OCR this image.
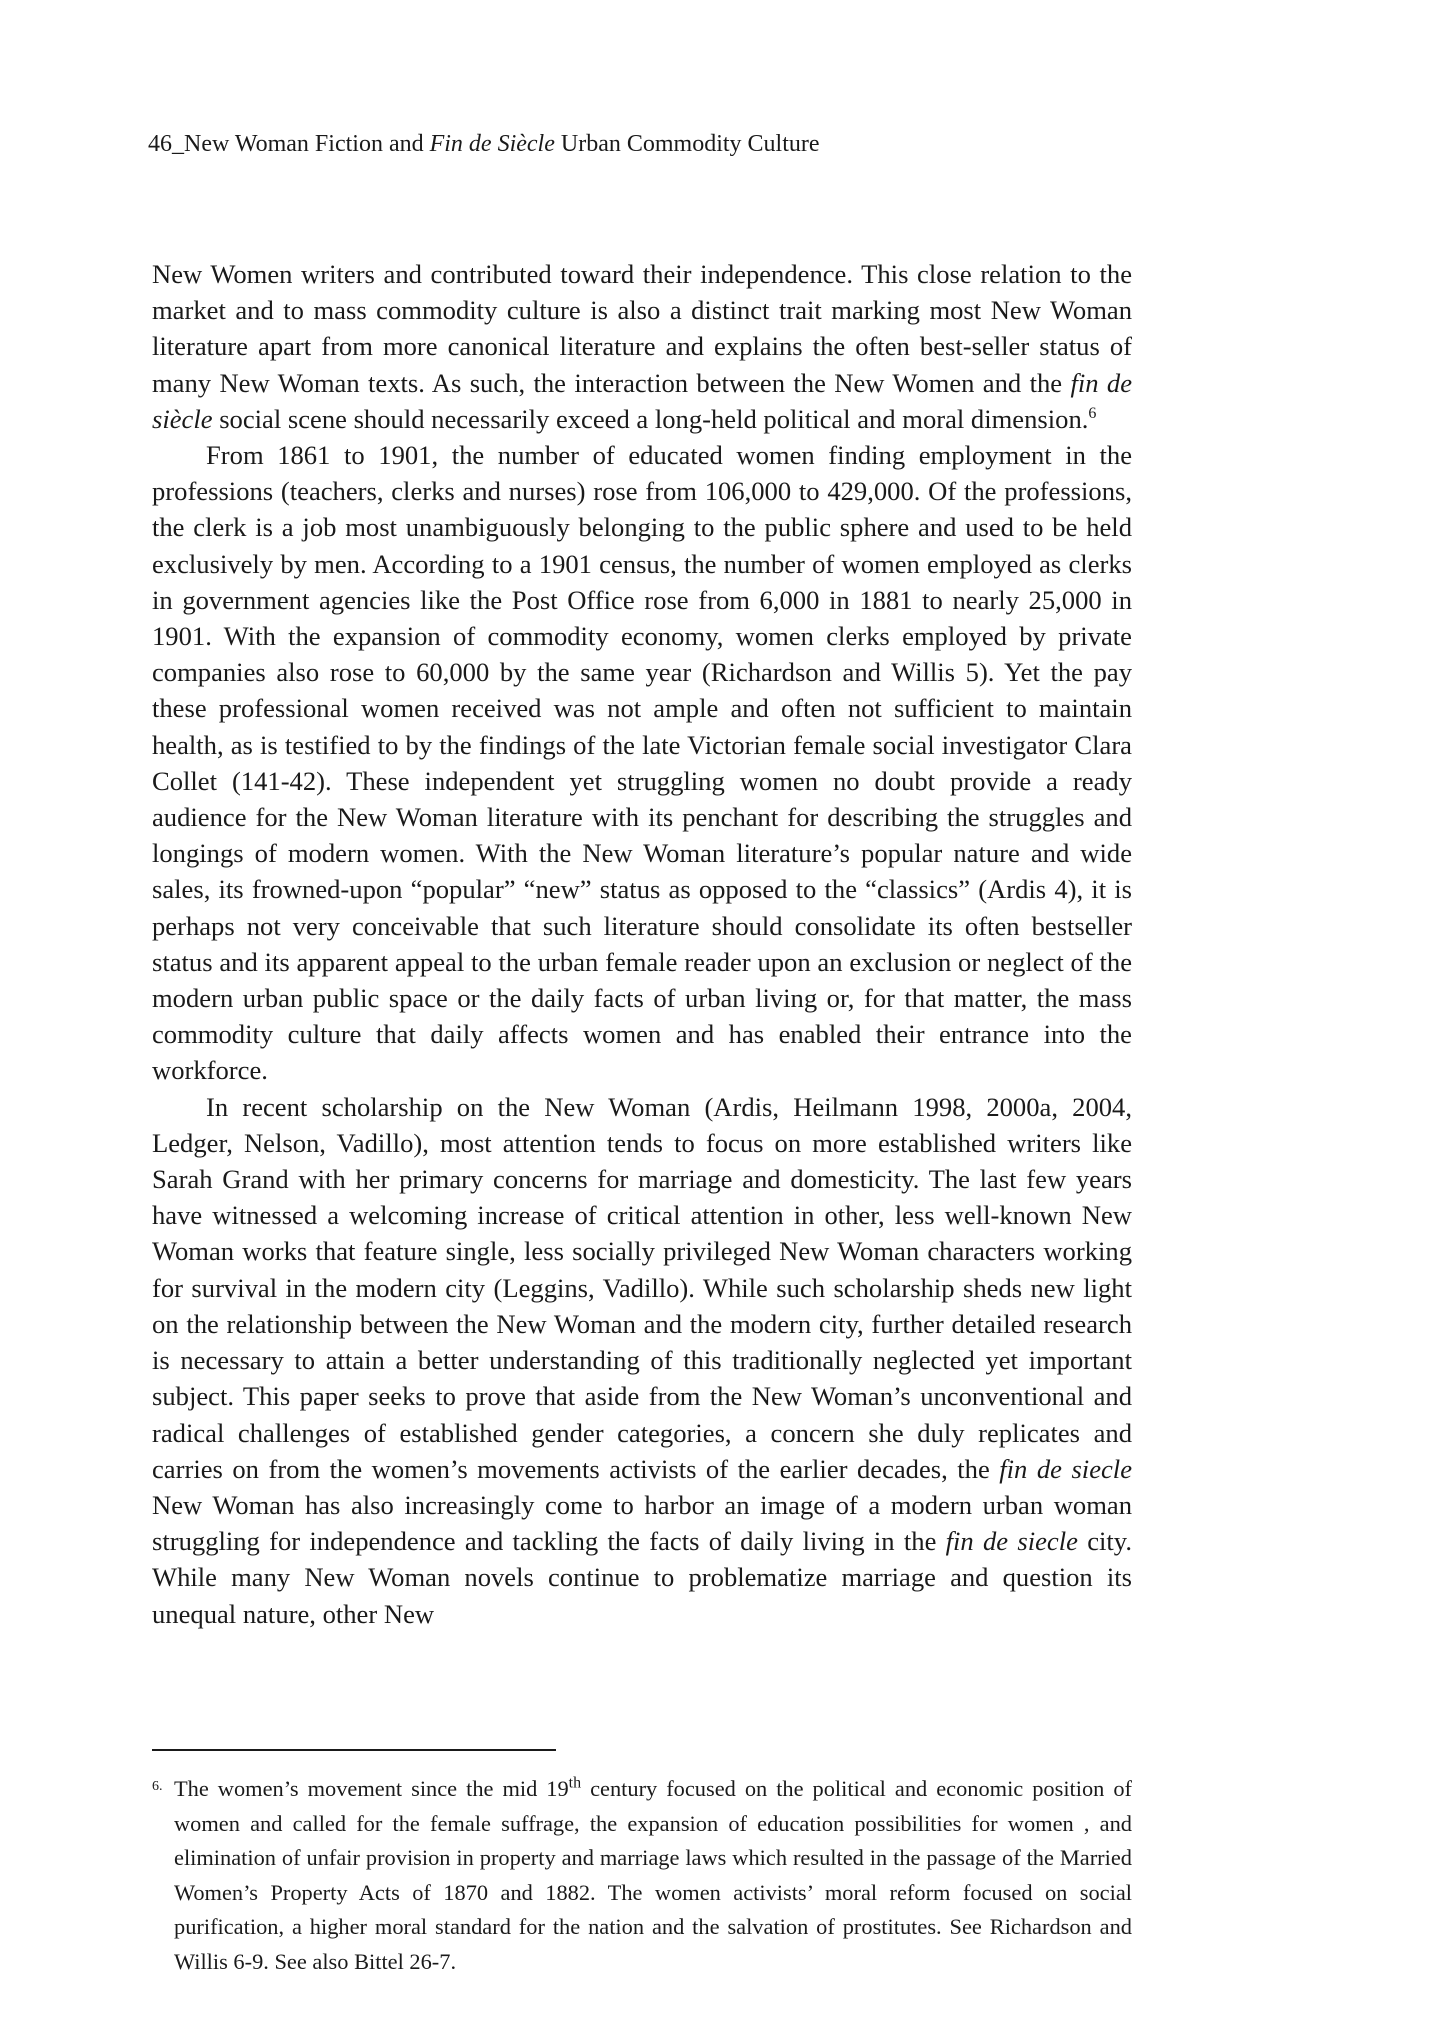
46_New Woman Fiction and Fin de Siècle Urban Commodity Culture

New Women writers and contributed toward their independence. This close relation to the market and to mass commodity culture is also a distinct trait marking most New Woman literature apart from more canonical literature and explains the often best-seller status of many New Woman texts. As such, the interaction between the New Women and the fin de siècle social scene should necessarily exceed a long-held political and moral dimension.$^6$

From 1861 to 1901, the number of educated women finding employment in the professions (teachers, clerks and nurses) rose from 106,000 to 429,000. Of the professions, the clerk is a job most unambiguously belonging to the public sphere and used to be held exclusively by men. According to a 1901 census, the number of women employed as clerks in government agencies like the Post Office rose from 6,000 in 1881 to nearly 25,000 in 1901. With the expansion of commodity economy, women clerks employed by private companies also rose to 60,000 by the same year (Richardson and Willis 5). Yet the pay these professional women received was not ample and often not sufficient to maintain health, as is testified to by the findings of the late Victorian female social investigator Clara Collet (141-42). These independent yet struggling women no doubt provide a ready audience for the New Woman literature with its penchant for describing the struggles and longings of modern women. With the New Woman literature’s popular nature and wide sales, its frowned-upon “popular” “new” status as opposed to the “classics” (Ardis 4), it is perhaps not very conceivable that such literature should consolidate its often bestseller status and its apparent appeal to the urban female reader upon an exclusion or neglect of the modern urban public space or the daily facts of urban living or, for that matter, the mass commodity culture that daily affects women and has enabled their entrance into the workforce.

In recent scholarship on the New Woman (Ardis, Heilmann 1998, 2000a, 2004, Ledger, Nelson, Vadillo), most attention tends to focus on more established writers like Sarah Grand with her primary concerns for marriage and domesticity. The last few years have witnessed a welcoming increase of critical attention in other, less well-known New Woman works that feature single, less socially privileged New Woman characters working for survival in the modern city (Leggins, Vadillo). While such scholarship sheds new light on the relationship between the New Woman and the modern city, further detailed research is necessary to attain a better understanding of this traditionally neglected yet important subject. This paper seeks to prove that aside from the New Woman’s unconventional and radical challenges of established gender categories, a concern she duly replicates and carries on from the women’s movements activists of the earlier decades, the fin de siecle New Woman has also increasingly come to harbor an image of a modern urban woman struggling for independence and tackling the facts of daily living in the fin de siecle city. While many New Woman novels continue to problematize marriage and question its unequal nature, other New

6. The women’s movement since the mid 19th century focused on the political and economic position of women and called for the female suffrage, the expansion of education possibilities for women , and elimination of unfair provision in property and marriage laws which resulted in the passage of the Married Women’s Property Acts of 1870 and 1882. The women activists’ moral reform focused on social purification, a higher moral standard for the nation and the salvation of prostitutes. See Richardson and Willis 6-9. See also Bittel 26-7.
